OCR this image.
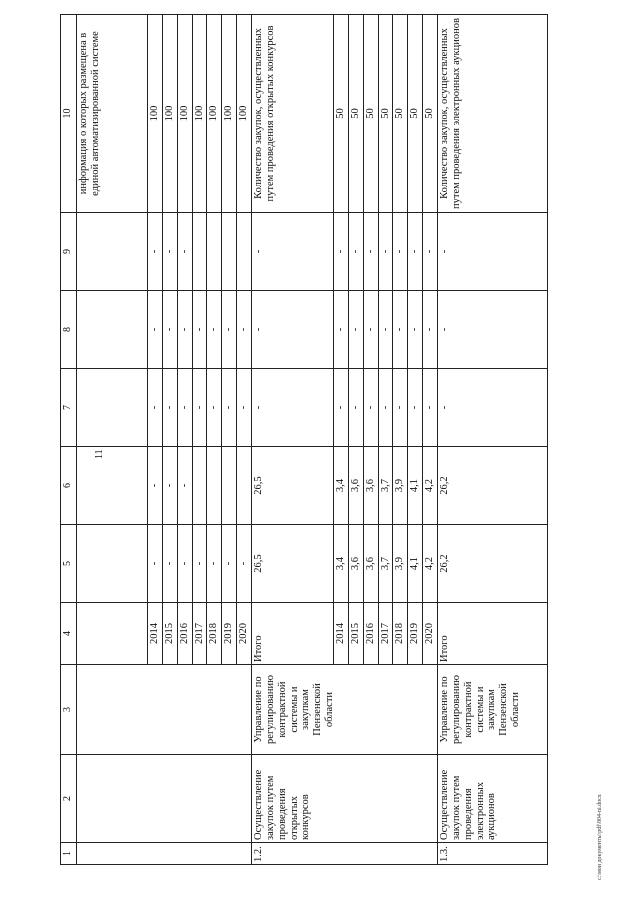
11
1	2	3	4	5	6	7	8	9	10
									информация о которых размещена в единой автоматизированной системе
			2014	-	-	-	-	-	100
			2015	-	-	-	-	-	100
			2016	-	-	-	-	-	100
			2017	-		-	-		100
			2018	-		-	-		100
			2019	-		-	-		100
			2020	-		-	-		100
1.2.	Осуществление закупок путем проведения открытых конкурсов	Управление по регулированию контрактной системы и закупкам Пензенской области	Итого	26,5	26,5	-	-	-	Количество закупок, осуществленных путем проведения открытых конкурсов
			2014	3,4	3,4	-	-	-	50
			2015	3,6	3,6	-	-	-	50
			2016	3,6	3,6	-	-	-	50
			2017	3,7	3,7	-	-	-	50
			2018	3,9	3,9	-	-	-	50
			2019	4,1	4,1	-	-	-	50
			2020	4,2	4,2	-	-	-	50
1.3.	Осуществление закупок путем проведения электронных аукционов	Управление по регулированию контрактной системы и закупкам Пензенской области	Итого	26,2	26,2	-	-	-	Количество закупок, осуществленных путем проведения электронных аукционов
c:\мои документы\pdf\804-ni.docx
